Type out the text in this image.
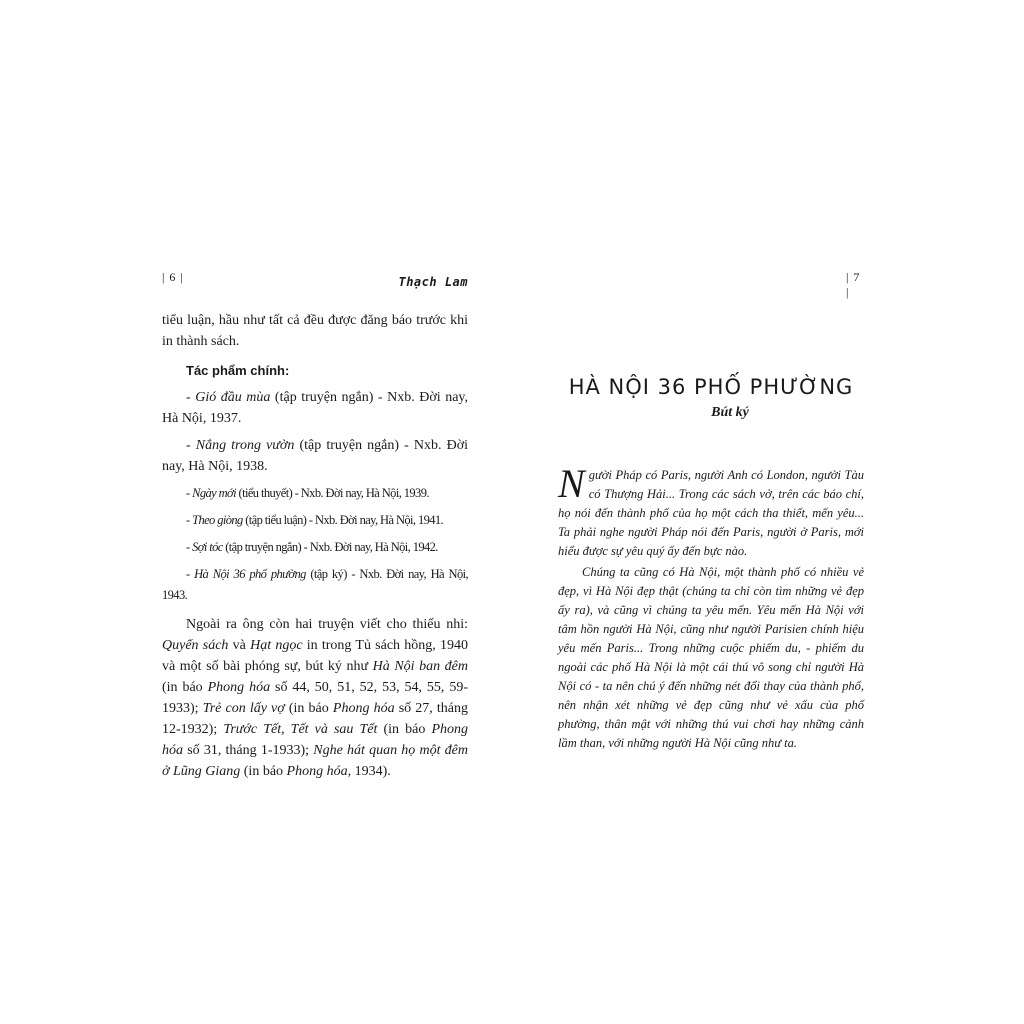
| 6 |	Thạch Lam

tiểu luận, hầu như tất cả đều được đăng báo trước khi in thành sách.

Tác phẩm chính:

- Gió đầu mùa (tập truyện ngắn) - Nxb. Đời nay, Hà Nội, 1937.

- Nắng trong vườn (tập truyện ngắn) - Nxb. Đời nay, Hà Nội, 1938.

- Ngày mới (tiểu thuyết) - Nxb. Đời nay, Hà Nội, 1939.

- Theo giòng (tập tiểu luận) - Nxb. Đời nay, Hà Nội, 1941.

- Sợi tóc (tập truyện ngắn) - Nxb. Đời nay, Hà Nội, 1942.

- Hà Nội 36 phố phường (tập ký) - Nxb. Đời nay, Hà Nội, 1943.

Ngoài ra ông còn hai truyện viết cho thiếu nhi: Quyển sách và Hạt ngọc in trong Tủ sách hồng, 1940 và một số bài phóng sự, bút ký như Hà Nội ban đêm (in báo Phong hóa số 44, 50, 51, 52, 53, 54, 55, 59-1933); Trẻ con lấy vợ (in báo Phong hóa số 27, tháng 12-1932); Trước Tết, Tết và sau Tết (in báo Phong hóa số 31, tháng 1-1933); Nghe hát quan họ một đêm ở Lũng Giang (in báo Phong hóa, 1934).

| 7 |
HÀ NỘI 36 PHỐ PHƯỜNG
Bút ký

Người Pháp có Paris, người Anh có London, người Tàu có Thượng Hải... Trong các sách vở, trên các báo chí, họ nói đến thành phố của họ một cách tha thiết, mến yêu... Ta phải nghe người Pháp nói đến Paris, người ở Paris, mới hiểu được sự yêu quý ấy đến bực nào.

Chúng ta cũng có Hà Nội, một thành phố có nhiều vẻ đẹp, vì Hà Nội đẹp thật (chúng ta chỉ còn tìm những vẻ đẹp ấy ra), và cũng vì chúng ta yêu mến. Yêu mến Hà Nội với tâm hồn người Hà Nội, cũng như người Parisien chính hiệu yêu mến Paris... Trong những cuộc phiếm du, - phiếm du ngoài các phố Hà Nội là một cái thú vô song chỉ người Hà Nội có - ta nên chú ý đến những nét đổi thay của thành phố, nên nhận xét những vẻ đẹp cũng như vẻ xấu của phố phường, thân mật với những thú vui chơi hay những cảnh lầm than, với những người Hà Nội cũng như ta.
